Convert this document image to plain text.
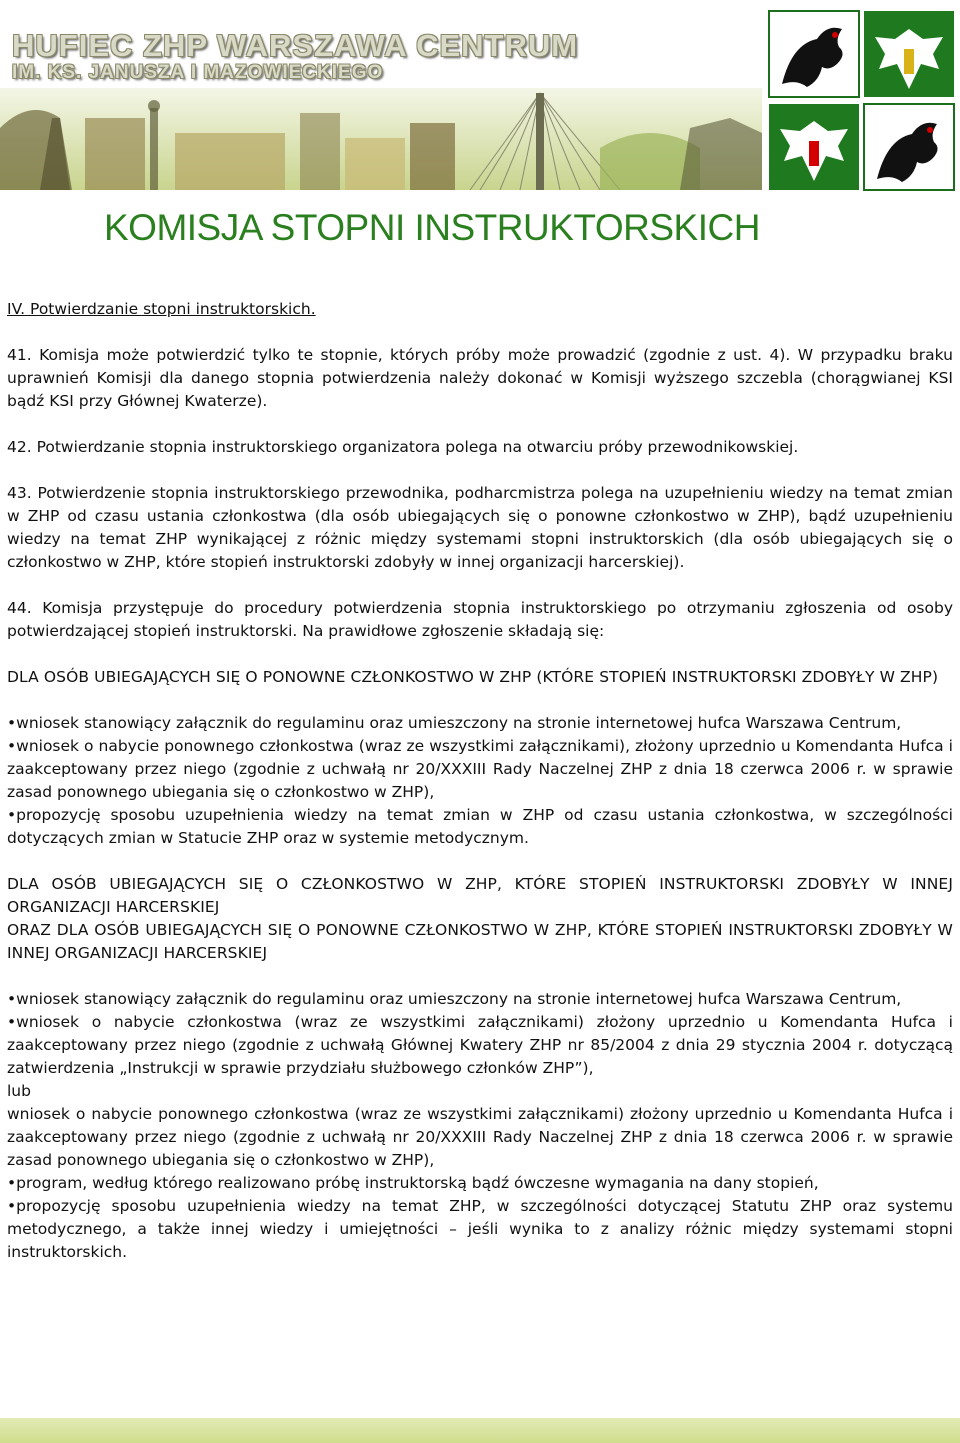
HUFIEC ZHP WARSZAWA CENTRUM
IM. KS. JANUSZA I MAZOWIECKIEGO
KOMISJA STOPNI INSTRUKTORSKICH

IV. Potwierdzanie stopni instruktorskich.

41. Komisja może potwierdzić tylko te stopnie, których próby może prowadzić (zgodnie z ust. 4). W przypadku braku uprawnień Komisji dla danego stopnia potwierdzenia należy dokonać w Komisji wyższego szczebla (chorągwianej KSI bądź KSI przy Głównej Kwaterze).

42. Potwierdzanie stopnia instruktorskiego organizatora polega na otwarciu próby przewodnikowskiej.

43. Potwierdzenie stopnia instruktorskiego przewodnika, podharcmistrza polega na uzupełnieniu wiedzy na temat zmian w ZHP od czasu ustania członkostwa (dla osób ubiegających się o ponowne członkostwo w ZHP), bądź uzupełnieniu wiedzy na temat ZHP wynikającej z różnic między systemami stopni instruktorskich (dla osób ubiegających się o członkostwo w ZHP, które stopień instruktorski zdobyły w innej organizacji harcerskiej).

44. Komisja przystępuje do procedury potwierdzenia stopnia instruktorskiego po otrzymaniu zgłoszenia od osoby potwierdzającej stopień instruktorski. Na prawidłowe zgłoszenie składają się:

DLA OSÓB UBIEGAJĄCYCH SIĘ O PONOWNE CZŁONKOSTWO W ZHP (KTÓRE STOPIEŃ INSTRUKTORSKI ZDOBYŁY W ZHP)

•wniosek stanowiący załącznik do regulaminu oraz umieszczony na stronie internetowej hufca Warszawa Centrum,

•wniosek o nabycie ponownego członkostwa (wraz ze wszystkimi załącznikami), złożony uprzednio u Komendanta Hufca i zaakceptowany przez niego (zgodnie z uchwałą nr 20/XXXIII Rady Naczelnej ZHP z dnia 18 czerwca 2006 r. w sprawie zasad ponownego ubiegania się o członkostwo w ZHP),

•propozycję sposobu uzupełnienia wiedzy na temat zmian w ZHP od czasu ustania członkostwa, w szczególności dotyczących zmian w Statucie ZHP oraz w systemie metodycznym.

DLA OSÓB UBIEGAJĄCYCH SIĘ O CZŁONKOSTWO W ZHP, KTÓRE STOPIEŃ INSTRUKTORSKI ZDOBYŁY W INNEJ ORGANIZACJI HARCERSKIEJ

ORAZ DLA OSÓB UBIEGAJĄCYCH SIĘ O PONOWNE CZŁONKOSTWO W ZHP, KTÓRE STOPIEŃ INSTRUKTORSKI ZDOBYŁY W INNEJ ORGANIZACJI HARCERSKIEJ

•wniosek stanowiący załącznik do regulaminu oraz umieszczony na stronie internetowej hufca Warszawa Centrum,

•wniosek o nabycie członkostwa (wraz ze wszystkimi załącznikami) złożony uprzednio u Komendanta Hufca i zaakceptowany przez niego (zgodnie z uchwałą Głównej Kwatery ZHP nr 85/2004 z dnia 29 stycznia 2004 r. dotyczącą zatwierdzenia „Instrukcji w sprawie przydziału służbowego członków ZHP”),

lub

wniosek o nabycie ponownego członkostwa (wraz ze wszystkimi załącznikami) złożony uprzednio u Komendanta Hufca i zaakceptowany przez niego (zgodnie z uchwałą nr 20/XXXIII Rady Naczelnej ZHP z dnia 18 czerwca 2006 r. w sprawie zasad ponownego ubiegania się o członkostwo w ZHP),

•program, według którego realizowano próbę instruktorską bądź ówczesne wymagania na dany stopień,

•propozycję sposobu uzupełnienia wiedzy na temat ZHP, w szczególności dotyczącej Statutu ZHP oraz systemu metodycznego, a także innej wiedzy i umiejętności – jeśli wynika to z analizy różnic między systemami stopni instruktorskich.
